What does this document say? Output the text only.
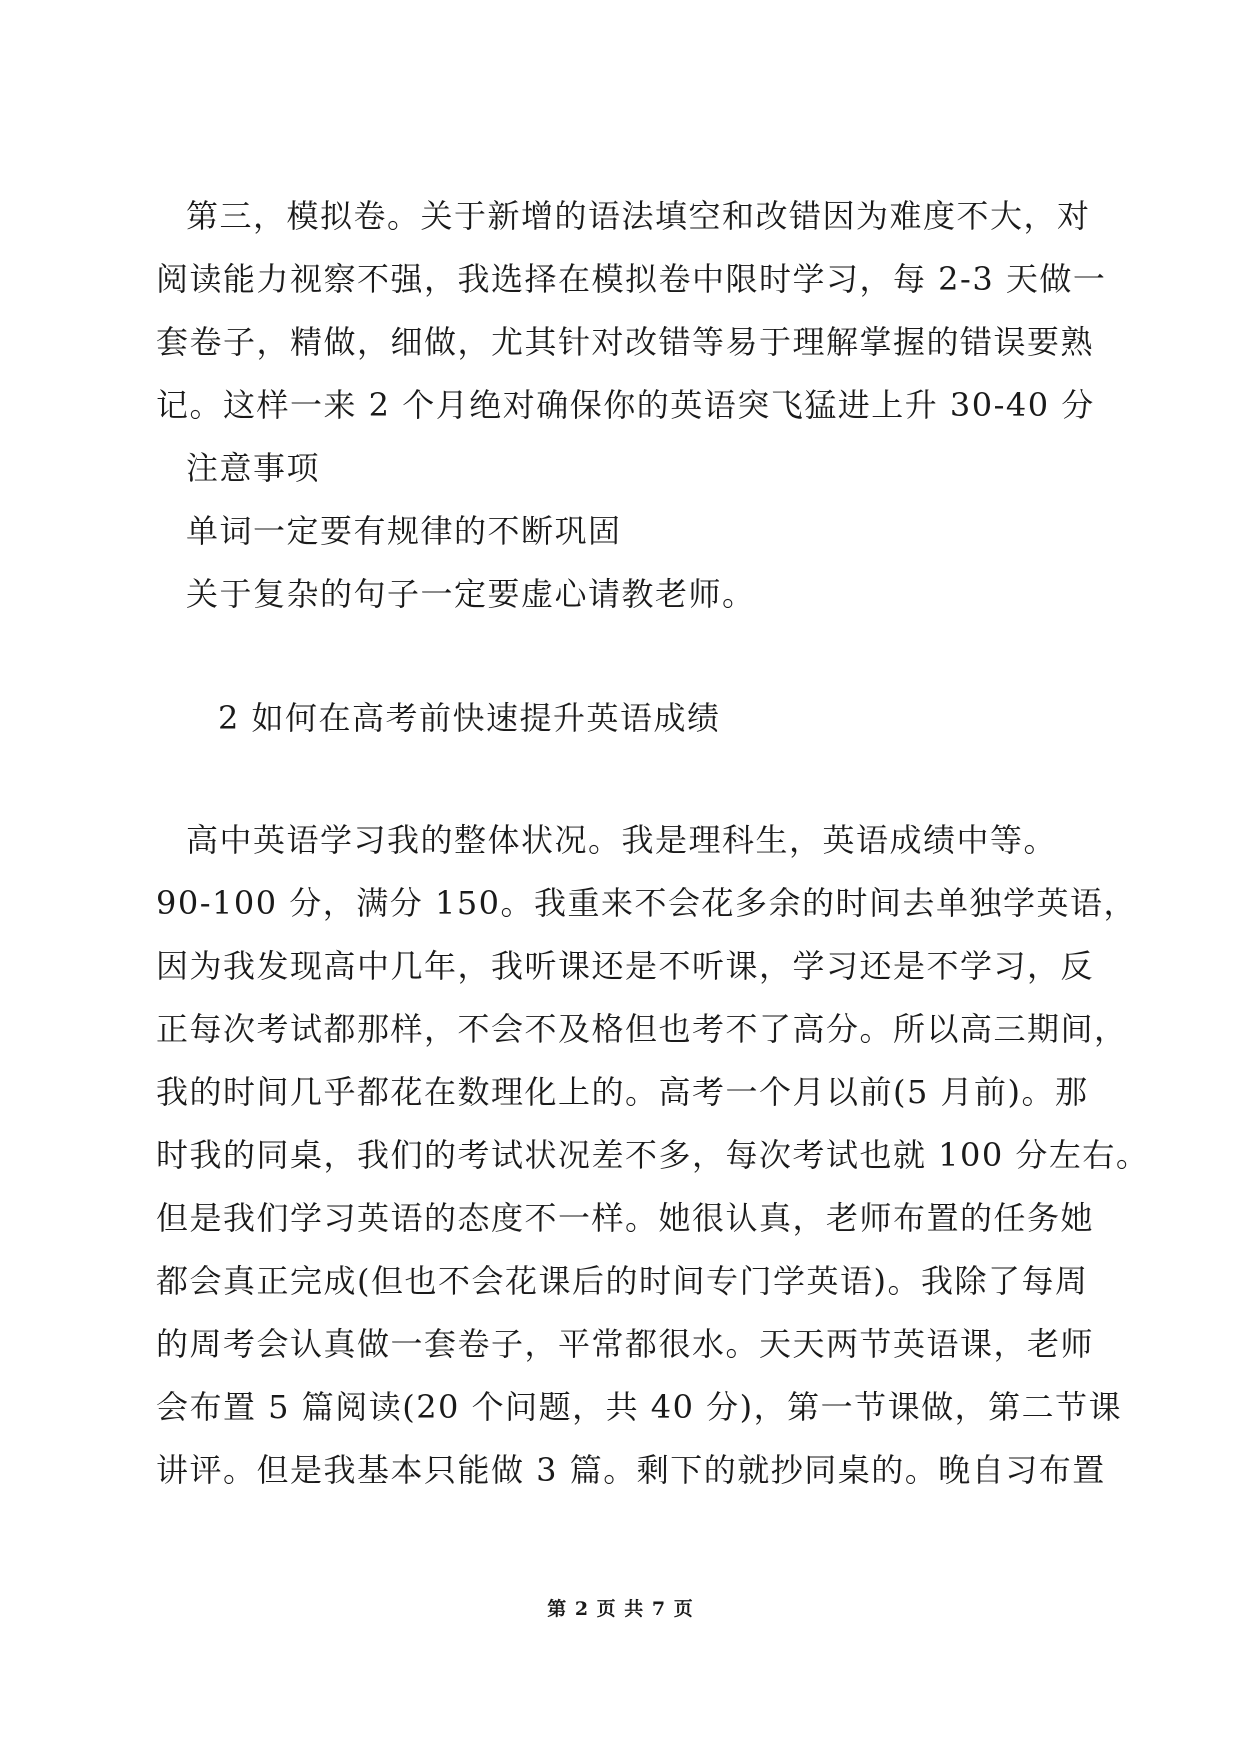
第三，模拟卷。关于新增的语法填空和改错因为难度不大，对
阅读能力视察不强，我选择在模拟卷中限时学习，每 2-3 天做一
套卷子，精做，细做，尤其针对改错等易于理解掌握的错误要熟
记。这样一来 2 个月绝对确保你的英语突飞猛进上升 30-40 分
注意事项
单词一定要有规律的不断巩固
关于复杂的句子一定要虚心请教老师。
2 如何在高考前快速提升英语成绩
高中英语学习我的整体状况。我是理科生，英语成绩中等。
90-100 分，满分 150。我重来不会花多余的时间去单独学英语，
因为我发现高中几年，我听课还是不听课，学习还是不学习，反
正每次考试都那样，不会不及格但也考不了高分。所以高三期间，
我的时间几乎都花在数理化上的。高考一个月以前(5 月前)。那
时我的同桌，我们的考试状况差不多，每次考试也就 100 分左右。
但是我们学习英语的态度不一样。她很认真，老师布置的任务她
都会真正完成(但也不会花课后的时间专门学英语)。我除了每周
的周考会认真做一套卷子，平常都很水。天天两节英语课，老师
会布置 5 篇阅读(20 个问题，共 40 分)，第一节课做，第二节课
讲评。但是我基本只能做 3 篇。剩下的就抄同桌的。晚自习布置
第 2 页 共 7 页
